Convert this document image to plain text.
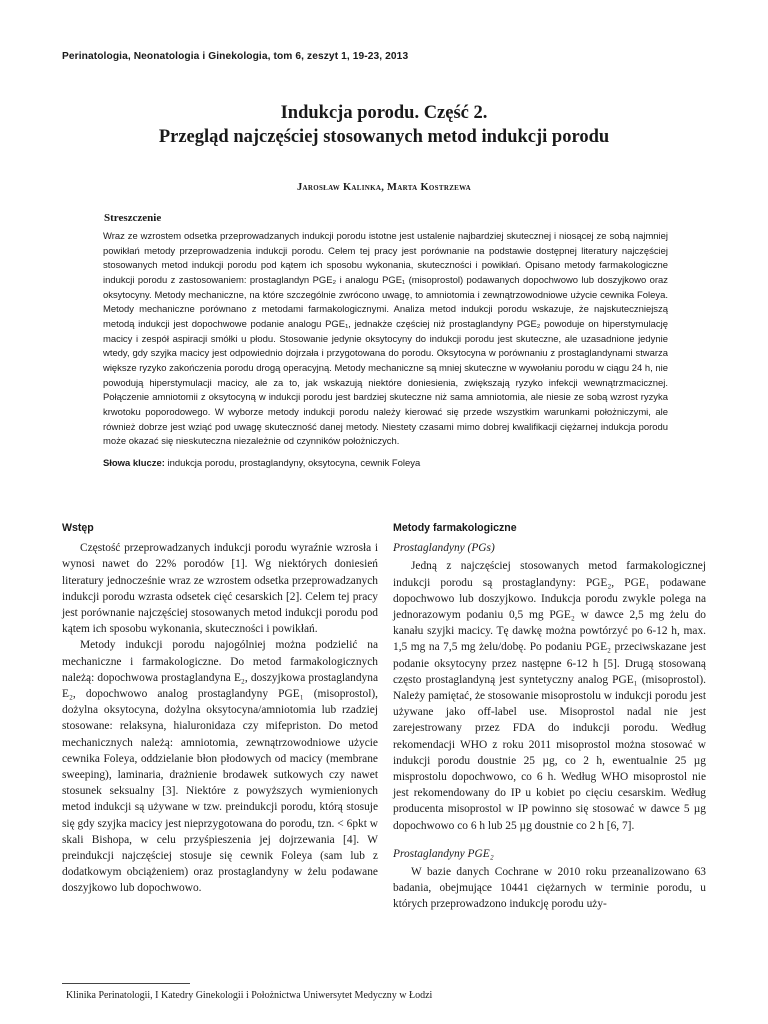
Perinatologia, Neonatologia i Ginekologia, tom 6, zeszyt 1, 19-23, 2013
Indukcja porodu. Część 2.
Przegląd najczęściej stosowanych metod indukcji porodu
Jarosław Kalinka, Marta Kostrzewa
Streszczenie

Wraz ze wzrostem odsetka przeprowadzanych indukcji porodu istotne jest ustalenie najbardziej skutecznej i niosącej ze sobą najmniej powikłań metody przeprowadzenia indukcji porodu. Celem tej pracy jest porównanie na podstawie dostępnej literatury najczęściej stosowanych metod indukcji porodu pod kątem ich sposobu wykonania, skuteczności i powikłań. Opisano metody farmakologiczne indukcji porodu z zastosowaniem: prostaglandyn PGE₂ i analogu PGE₁ (misoprostol) podawanych dopochwowo lub doszyjkowo oraz oksytocyny. Metody mechaniczne, na które szczególnie zwrócono uwagę, to amniotomia i zewnątrzowodniowe użycie cewnika Foleya. Metody mechaniczne porównano z metodami farmakologicznymi. Analiza metod indukcji porodu wskazuje, że najskuteczniejszą metodą indukcji jest dopochwowe podanie analogu PGE₁, jednakże częściej niż prostaglandyny PGE₂ powoduje on hiperstymulację macicy i zespół aspiracji smółki u płodu. Stosowanie jedynie oksytocyny do indukcji porodu jest skuteczne, ale uzasadnione jedynie wtedy, gdy szyjka macicy jest odpowiednio dojrzała i przygotowana do porodu. Oksytocyna w porównaniu z prostaglandynami stwarza większe ryzyko zakończenia porodu drogą operacyjną. Metody mechaniczne są mniej skuteczne w wywołaniu porodu w ciągu 24 h, nie powodują hiperstymulacji macicy, ale za to, jak wskazują niektóre doniesienia, zwiększają ryzyko infekcji wewnątrzmacicznej. Połączenie amniotomii z oksytocyną w indukcji porodu jest bardziej skuteczne niż sama amniotomia, ale niesie ze sobą wzrost ryzyka krwotoku poporodowego. W wyborze metody indukcji porodu należy kierować się przede wszystkim warunkami położniczymi, ale również dobrze jest wziąć pod uwagę skuteczność danej metody. Niestety czasami mimo dobrej kwalifikacji ciężarnej indukcja porodu może okazać się nieskuteczna niezależnie od czynników położniczych.

Słowa klucze: indukcja porodu, prostaglandyny, oksytocyna, cewnik Foleya

Wstęp

Częstość przeprowadzanych indukcji porodu wyraźnie wzrosła i wynosi nawet do 22% porodów [1]. Wg niektórych doniesień literatury jednocześnie wraz ze wzrostem odsetka przeprowadzanych indukcji porodu wzrasta odsetek cięć cesarskich [2]. Celem tej pracy jest porównanie najczęściej stosowanych metod indukcji porodu pod kątem ich sposobu wykonania, skuteczności i powikłań.

Metody indukcji porodu najogólniej można podzielić na mechaniczne i farmakologiczne. Do metod farmakologicznych należą: dopochwowa prostaglandyna E₂, doszyjkowa prostaglandyna E₂, dopochwowo analog prostaglandyny PGE₁ (misoprostol), dożylna oksytocyna, dożylna oksytocyna/amniotomia lub rzadziej stosowane: relaksyna, hialuronidaza czy mifepriston. Do metod mechanicznych należą: amniotomia, zewnątrzowodniowe użycie cewnika Foleya, oddzielanie błon płodowych od macicy (membrane sweeping), laminaria, drażnienie brodawek sutkowych czy nawet stosunek seksualny [3]. Niektóre z powyższych wymienionych metod indukcji są używane w tzw. preindukcji porodu, którą stosuje się gdy szyjka macicy jest nieprzygotowana do porodu, tzn. < 6pkt w skali Bishopa, w celu przyśpieszenia jej dojrzewania [4]. W preindukcji najczęściej stosuje się cewnik Foleya (sam lub z dodatkowym obciążeniem) oraz prostaglandyny w żelu podawane doszyjkowo lub dopochwowo.

Metody farmakologiczne

Prostaglandyny (PGs)

Jedną z najczęściej stosowanych metod farmakologicznej indukcji porodu są prostaglandyny: PGE₂, PGE₁ podawane dopochwowo lub doszyjkowo. Indukcja porodu zwykle polega na jednorazowym podaniu 0,5 mg PGE₂ w dawce 2,5 mg żelu do kanału szyjki macicy. Tę dawkę można powtórzyć po 6-12 h, max. 1,5 mg na 7,5 mg żelu/dobę. Po podaniu PGE₂ przeciwskazane jest podanie oksytocyny przez następne 6-12 h [5]. Drugą stosowaną często prostaglandyną jest syntetyczny analog PGE₁ (misoprostol). Należy pamiętać, że stosowanie misoprostolu w indukcji porodu jest używane jako off-label use. Misoprostol nadal nie jest zarejestrowany przez FDA do indukcji porodu. Według rekomendacji WHO z roku 2011 misoprostol można stosować w indukcji porodu doustnie 25 µg, co 2 h, ewentualnie 25 µg misprostolu dopochwowo, co 6 h. Według WHO misoprostol nie jest rekomendowany do IP u kobiet po cięciu cesarskim. Według producenta misoprostol w IP powinno się stosować w dawce 5 µg dopochwowo co 6 h lub 25 µg doustnie co 2 h [6, 7].

Prostaglandyny PGE₂

W bazie danych Cochrane w 2010 roku przeanalizowano 63 badania, obejmujące 10441 ciężarnych w terminie porodu, u których przeprowadzono indukcję porodu uży-

Klinika Perinatologii, I Katedry Ginekologii i Położnictwa Uniwersytet Medyczny w Łodzi
